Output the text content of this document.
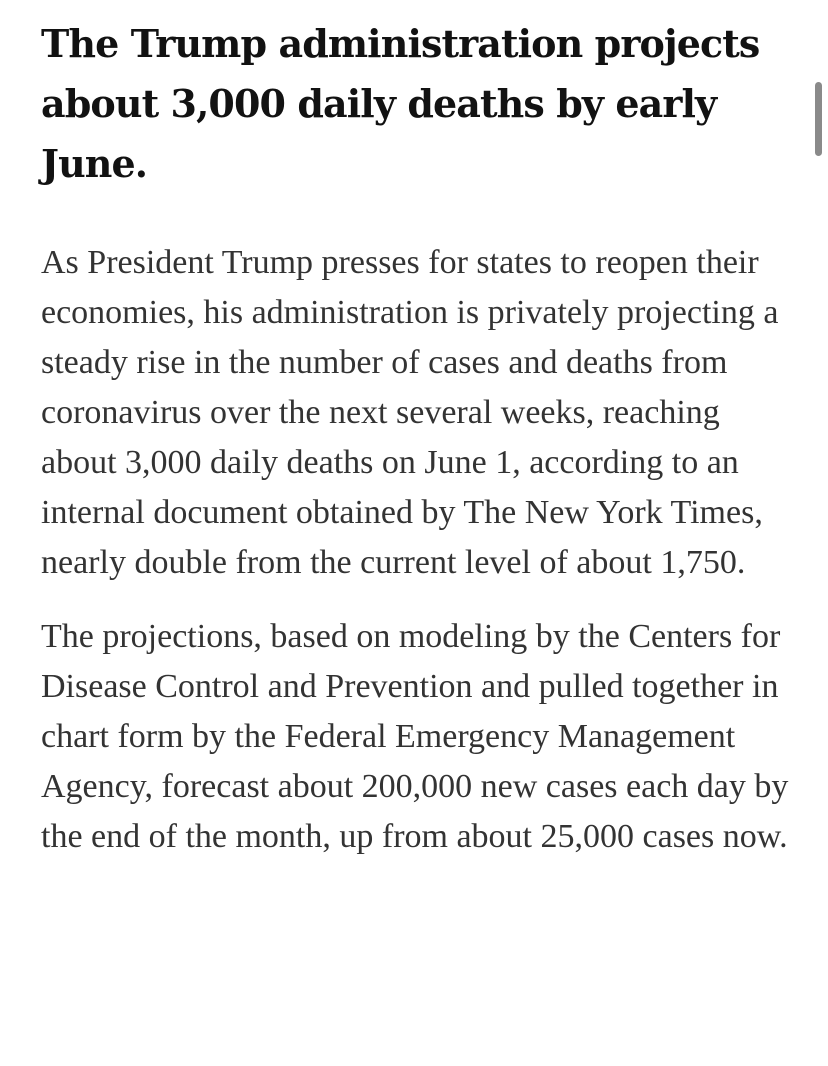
The Trump administration projects about 3,000 daily deaths by early June.

As President Trump presses for states to reopen their economies, his administration is privately projecting a steady rise in the number of cases and deaths from coronavirus over the next several weeks, reaching about 3,000 daily deaths on June 1, according to an internal document obtained by The New York Times, nearly double from the current level of about 1,750.

The projections, based on modeling by the Centers for Disease Control and Prevention and pulled together in chart form by the Federal Emergency Management Agency, forecast about 200,000 new cases each day by the end of the month, up from about 25,000 cases now.
